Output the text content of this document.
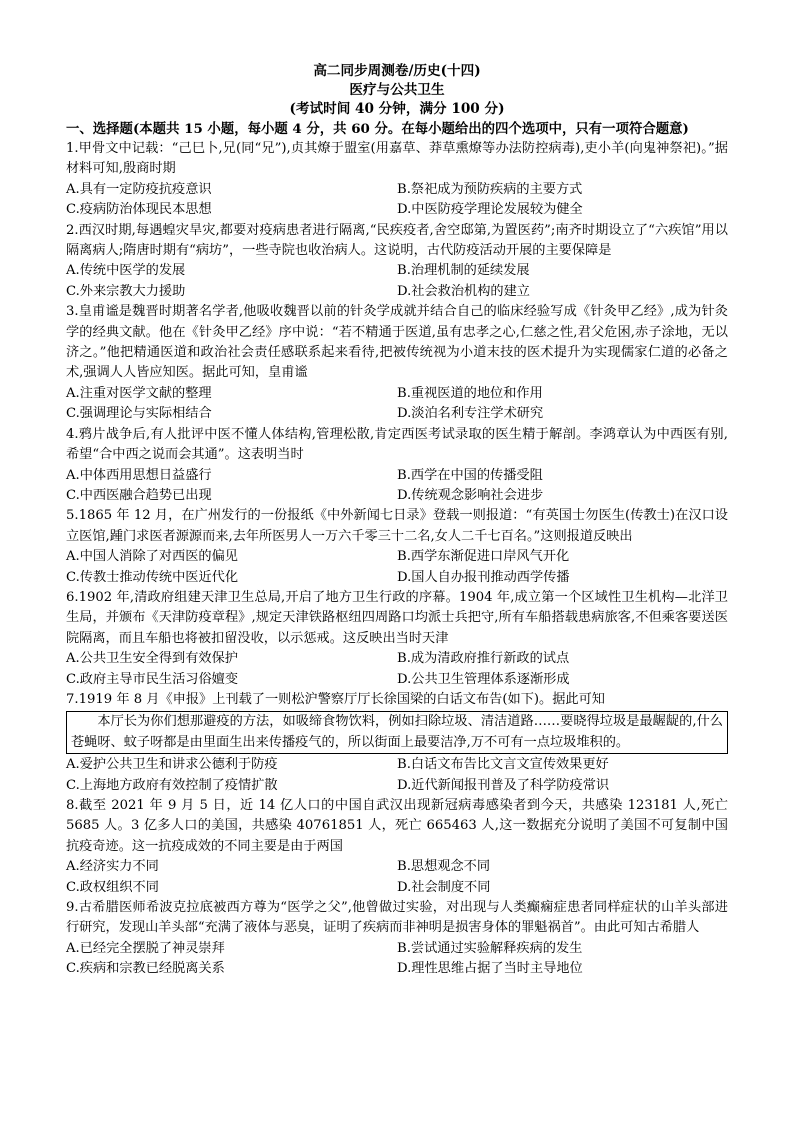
高二同步周测卷/历史(十四)
医疗与公共卫生
(考试时间 40 分钟，满分 100 分)
一、选择题(本题共 15 小题，每小题 4 分，共 60 分。在每小题给出的四个选项中，只有一项符合题意)

1.甲骨文中记载：“己巳卜,兄(同“兄”),贞其燎于盟室(用嘉草、莽草熏燎等办法防控病毒),吏小羊(向鬼神祭祀)。”据材料可知,殷商时期

A.具有一定防疫抗疫意识	B.祭祀成为预防疾病的主要方式
C.疫病防治体现民本思想	D.中医防疫学理论发展较为健全

2.西汉时期,每遇蝗灾旱灾,都要对疫病患者进行隔离,“民疾疫者,舍空邸第,为置医药”;南齐时期设立了“六疾馆”用以隔离病人;隋唐时期有“病坊”，一些寺院也收治病人。这说明，古代防疫活动开展的主要保障是

A.传统中医学的发展	B.治理机制的延续发展
C.外来宗教大力援助	D.社会救治机构的建立

3.皇甫谧是魏晋时期著名学者,他吸收魏晋以前的针灸学成就并结合自己的临床经验写成《针灸甲乙经》,成为针灸学的经典文献。他在《针灸甲乙经》序中说：“若不精通于医道,虽有忠孝之心,仁慈之性,君父危困,赤子涂地，无以济之。”他把精通医道和政治社会责任感联系起来看待,把被传统视为小道末技的医术提升为实现儒家仁道的必备之术,强调人人皆应知医。据此可知，皇甫谧

A.注重对医学文献的整理	B.重视医道的地位和作用
C.强调理论与实际相结合	D.淡泊名利专注学术研究

4.鸦片战争后,有人批评中医不懂人体结构,管理松散,肯定西医考试录取的医生精于解剖。李鸿章认为中西医有别,希望“合中西之说而会其通”。这表明当时

A.中体西用思想日益盛行	B.西学在中国的传播受阻
C.中西医融合趋势已出现	D.传统观念影响社会进步

5.1865 年 12 月，在广州发行的一份报纸《中外新闻七日录》登载一则报道：“有英国士勿医生(传教士)在汉口设立医馆,踵门求医者源源而来,去年所医男人一万六千零三十二名,女人二千七百名。”这则报道反映出

A.中国人消除了对西医的偏见	B.西学东渐促进口岸风气开化
C.传教士推动传统中医近代化	D.国人自办报刊推动西学传播

6.1902 年,清政府组建天津卫生总局,开启了地方卫生行政的序幕。1904 年,成立第一个区域性卫生机构—北洋卫生局，并颁布《天津防疫章程》,规定天津铁路枢纽四周路口均派士兵把守,所有车船搭载患病旅客,不但乘客要送医院隔离，而且车船也将被扣留没收，以示惩戒。这反映出当时天津

A.公共卫生安全得到有效保护	B.成为清政府推行新政的试点
C.政府主导市民生活习俗嬗变	D.公共卫生管理体系逐渐形成

7.1919 年 8 月《申报》上刊载了一则松沪警察厅厅长徐国梁的白话文布告(如下)。据此可知

本厅长为你们想那避疫的方法，如吸缔食物饮料，例如扫除垃圾、清洁道路……要晓得垃圾是最龌龊的,什么苍蝇呀、蚊子呀都是由里面生出来传播疫气的，所以街面上最要洁净,万不可有一点垃圾堆积的。
A.爱护公共卫生和讲求公德利于防疫	B.白话文布告比文言文宣传效果更好
C.上海地方政府有效控制了疫情扩散	D.近代新闻报刊普及了科学防疫常识

8.截至 2021 年 9 月 5 日，近 14 亿人口的中国自武汉出现新冠病毒感染者到今天，共感染 123181 人,死亡 5685 人。3 亿多人口的美国，共感染 40761851 人，死亡 665463 人,这一数据充分说明了美国不可复制中国抗疫奇迹。这一抗疫成效的不同主要是由于两国

A.经济实力不同	B.思想观念不同
C.政权组织不同	D.社会制度不同

9.古希腊医师希波克拉底被西方尊为“医学之父”,他曾做过实验，对出现与人类癫痫症患者同样症状的山羊头部进行研究，发现山羊头部“充满了液体与恶臭，证明了疾病而非神明是损害身体的罪魁祸首”。由此可知古希腊人

A.已经完全摆脱了神灵崇拜	B.尝试通过实验解释疾病的发生
C.疾病和宗教已经脱离关系	D.理性思维占据了当时主导地位
